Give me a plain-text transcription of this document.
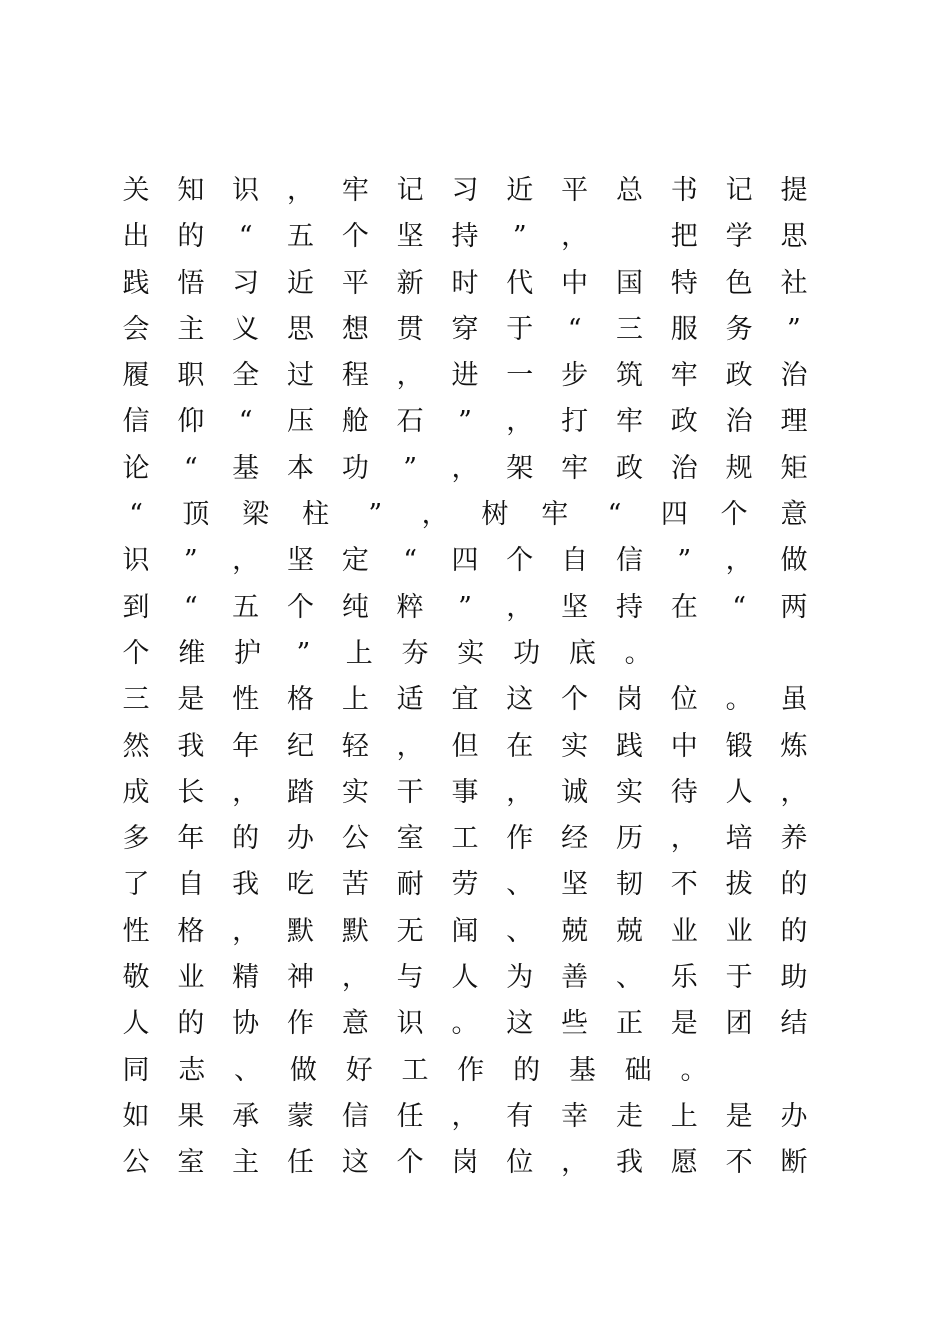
关 知 识 ， 牢 记 习 近 平 总 书 记 提
出 的 “ 五 个 坚 持 ” ，	把 学 思
践 悟 习 近 平 新 时 代 中 国 特 色 社
会 主 义 思 想 贯 穿 于 “ 三 服 务 ”
履 职 全 过 程 ， 进 一 步 筑 牢 政 治
信 仰 “ 压 舱 石 ” ， 打 牢 政 治 理
论 “ 基 本 功 ” ， 架 牢 政 治 规 矩
“ 顶 梁 柱 ” ， 树 牢 “ 四 个 意
识 ” ， 坚 定 “ 四 个 自 信 ” ， 做
到 “ 五 个 纯 粹 ” ， 坚 持 在 “ 两
个 维 护 ” 上 夯 实 功 底 。
三 是 性 格 上 适 宜 这 个 岗 位 。 虽
然 我 年 纪 轻 ， 但 在 实 践 中 锻 炼
成 长 ， 踏 实 干 事 ， 诚 实 待 人 ，
多 年 的 办 公 室 工 作 经 历 ， 培 养
了 自 我 吃 苦 耐 劳 、 坚 韧 不 拔 的
性 格 ， 默 默 无 闻 、 兢 兢 业 业 的
敬 业 精 神 ， 与 人 为 善 、 乐 于 助
人 的 协 作 意 识 。 这 些 正 是 团 结
同 志 、 做 好 工 作 的 基 础 。
如 果 承 蒙 信 任 ， 有 幸 走 上 是 办
公 室 主 任 这 个 岗 位 ， 我 愿 不 断
